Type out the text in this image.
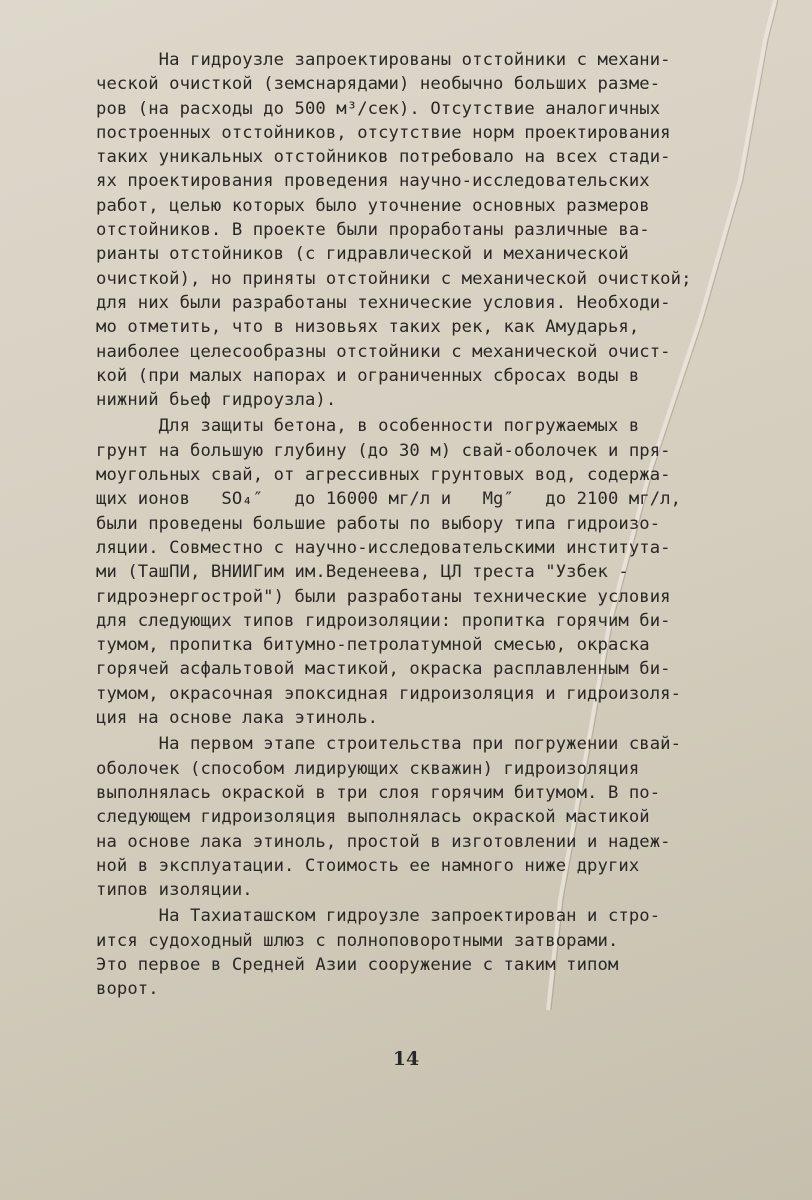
На гидроузле запроектированы отстойники с механи-
ческой очисткой (земснарядами) необычно больших разме-
ров (на расходы до 500 м³/сек). Отсутствие аналогичных
построенных отстойников, отсутствие норм проектирования
таких уникальных отстойников потребовало на всех стади-
ях проектирования проведения научно-исследовательских
работ, целью которых было уточнение основных размеров
отстойников. В проекте были проработаны различные ва-
рианты отстойников (с гидравлической и механической
очисткой), но приняты отстойники с механической очисткой;
для них были разработаны технические условия. Необходи-
мо отметить, что в низовьях таких рек, как Амударья,
наиболее целесообразны отстойники с механической очист-
кой (при малых напорах и ограниченных сбросах воды в
нижний бьеф гидроузла).
Для защиты бетона, в особенности погружаемых в
грунт на большую глубину (до 30 м) свай-оболочек и пря-
моугольных свай, от агрессивных грунтовых вод, содержа-
щих ионов   SO₄″   до 16000 мг/л и   Mg″   до 2100 мг/л,
были проведены большие работы по выбору типа гидроизо-
ляции. Совместно с научно-исследовательскими института-
ми (ТашПИ, ВНИИГим им.Веденеева, ЦЛ треста "Узбек -
гидроэнергострой") были разработаны технические условия
для следующих типов гидроизоляции: пропитка горячим би-
тумом, пропитка битумно-петролатумной смесью, окраска
горячей асфальтовой мастикой, окраска расплавленным би-
тумом, окрасочная эпоксидная гидроизоляция и гидроизоля-
ция на основе лака этиноль.
На первом этапе строительства при погружении свай-
оболочек (способом лидирующих скважин) гидроизоляция
выполнялась окраской в три слоя горячим битумом. В по-
следующем гидроизоляция выполнялась окраской мастикой
на основе лака этиноль, простой в изготовлении и надеж-
ной в эксплуатации. Стоимость ее намного ниже других
типов изоляции.
На Тахиаташском гидроузле запроектирован и стро-
ится судоходный шлюз с полноповоротными затворами.
Это первое в Средней Азии сооружение с таким типом
ворот.
14
